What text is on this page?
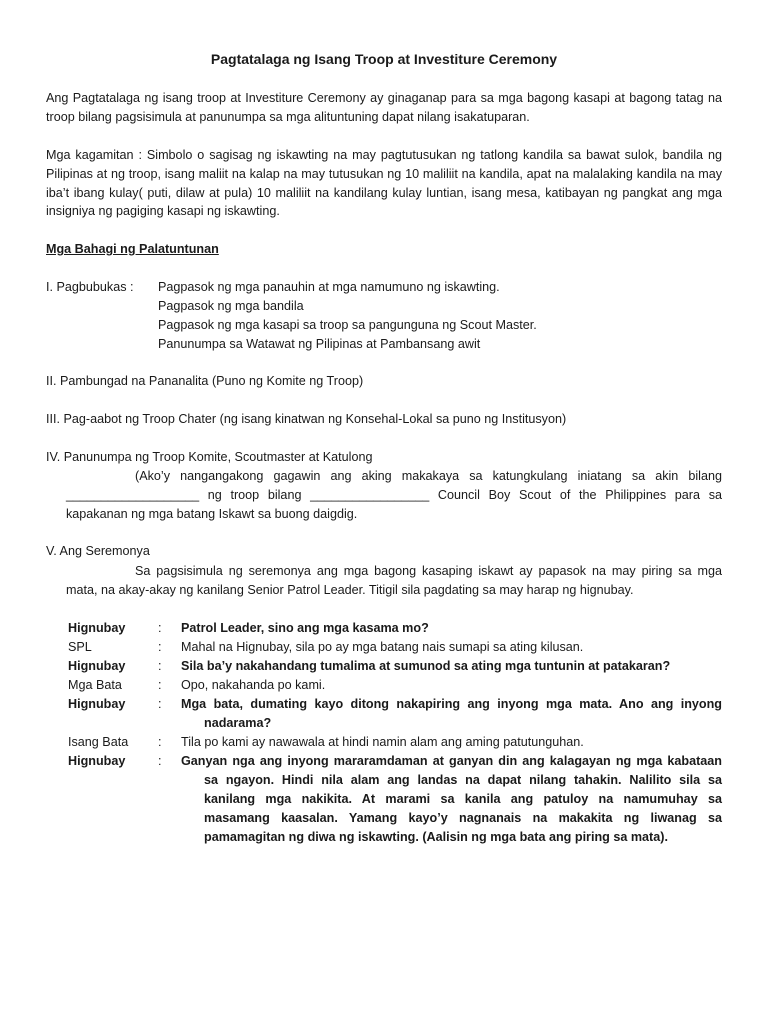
Pagtatalaga ng Isang Troop at Investiture Ceremony

Ang Pagtatalaga ng isang troop at Investiture Ceremony ay ginaganap para sa mga bagong kasapi at bagong tatag na troop bilang pagsisimula at panunumpa sa mga alituntuning dapat nilang isakatuparan.

Mga kagamitan : Simbolo o sagisag ng iskawting na may pagtutusukan ng tatlong kandila sa bawat sulok, bandila ng Pilipinas at ng troop, isang maliit na kalap na may tutusukan ng 10 maliliit na kandila, apat na malalaking kandila na may iba’t ibang kulay( puti, dilaw at pula) 10 maliliit na kandilang kulay luntian, isang mesa, katibayan ng pangkat ang mga insigniya ng pagiging kasapi ng iskawting.

Mga Bahagi ng Palatuntunan
I. Pagbubukas : Pagpasok ng mga panauhin at mga namumuno ng iskawting.
Pagpasok ng mga bandila
Pagpasok ng mga kasapi sa troop sa pangunguna ng Scout Master.
Panunumpa sa Watawat ng Pilipinas at Pambansang awit
II. Pambungad na Pananalita (Puno ng Komite ng Troop)
III. Pag-aabot ng Troop Chater (ng isang kinatwan ng Konsehal-Lokal sa puno ng Institusyon)
IV. Panunumpa ng Troop Komite, Scoutmaster at Katulong
(Ako’y nangangakong gagawin ang aking makakaya sa katungkulang iniatang sa akin bilang
___________________ ng troop bilang _________________ Council Boy Scout of the Philippines para sa
kapakanan ng mga batang Iskawt sa buong daigdig.
V. Ang Seremonya
Sa pagsisimula ng seremonya ang mga bagong kasaping iskawt ay papasok na may piring sa mga
mata, na akay-akay ng kanilang Senior Patrol Leader. Titigil sila pagdating sa may harap ng hignubay.
Hignubay	: Patrol Leader, sino ang mga kasama mo?
SPL	: Mahal na Hignubay, sila po ay mga batang nais sumapi sa ating kilusan.
Hignubay	: Sila ba’y nakahandang tumalima at sumunod sa ating mga tuntunin at patakaran?
Mga Bata	: Opo, nakahanda po kami.
Hignubay	: Mga bata, dumating kayo ditong nakapiring ang inyong mga mata. Ano ang inyong
nadarama?
Isang Bata : Tila po kami ay nawawala at hindi namin alam ang aming patutunguhan.
Hignubay	: Ganyan nga ang inyong mararamdaman at ganyan din ang kalagayan ng mga kabataan
sa ngayon. Hindi nila alam ang landas na dapat nilang tahakin. Nalilito sila sa
kanilang mga nakikita. At marami sa kanila ang patuloy na namumuhay sa
masamang kaasalan. Yamang kayo’y nagnanais na makakita ng liwanag sa
pamamagitan ng diwa ng iskawting. (Aalisin ng mga bata ang piring sa mata).
